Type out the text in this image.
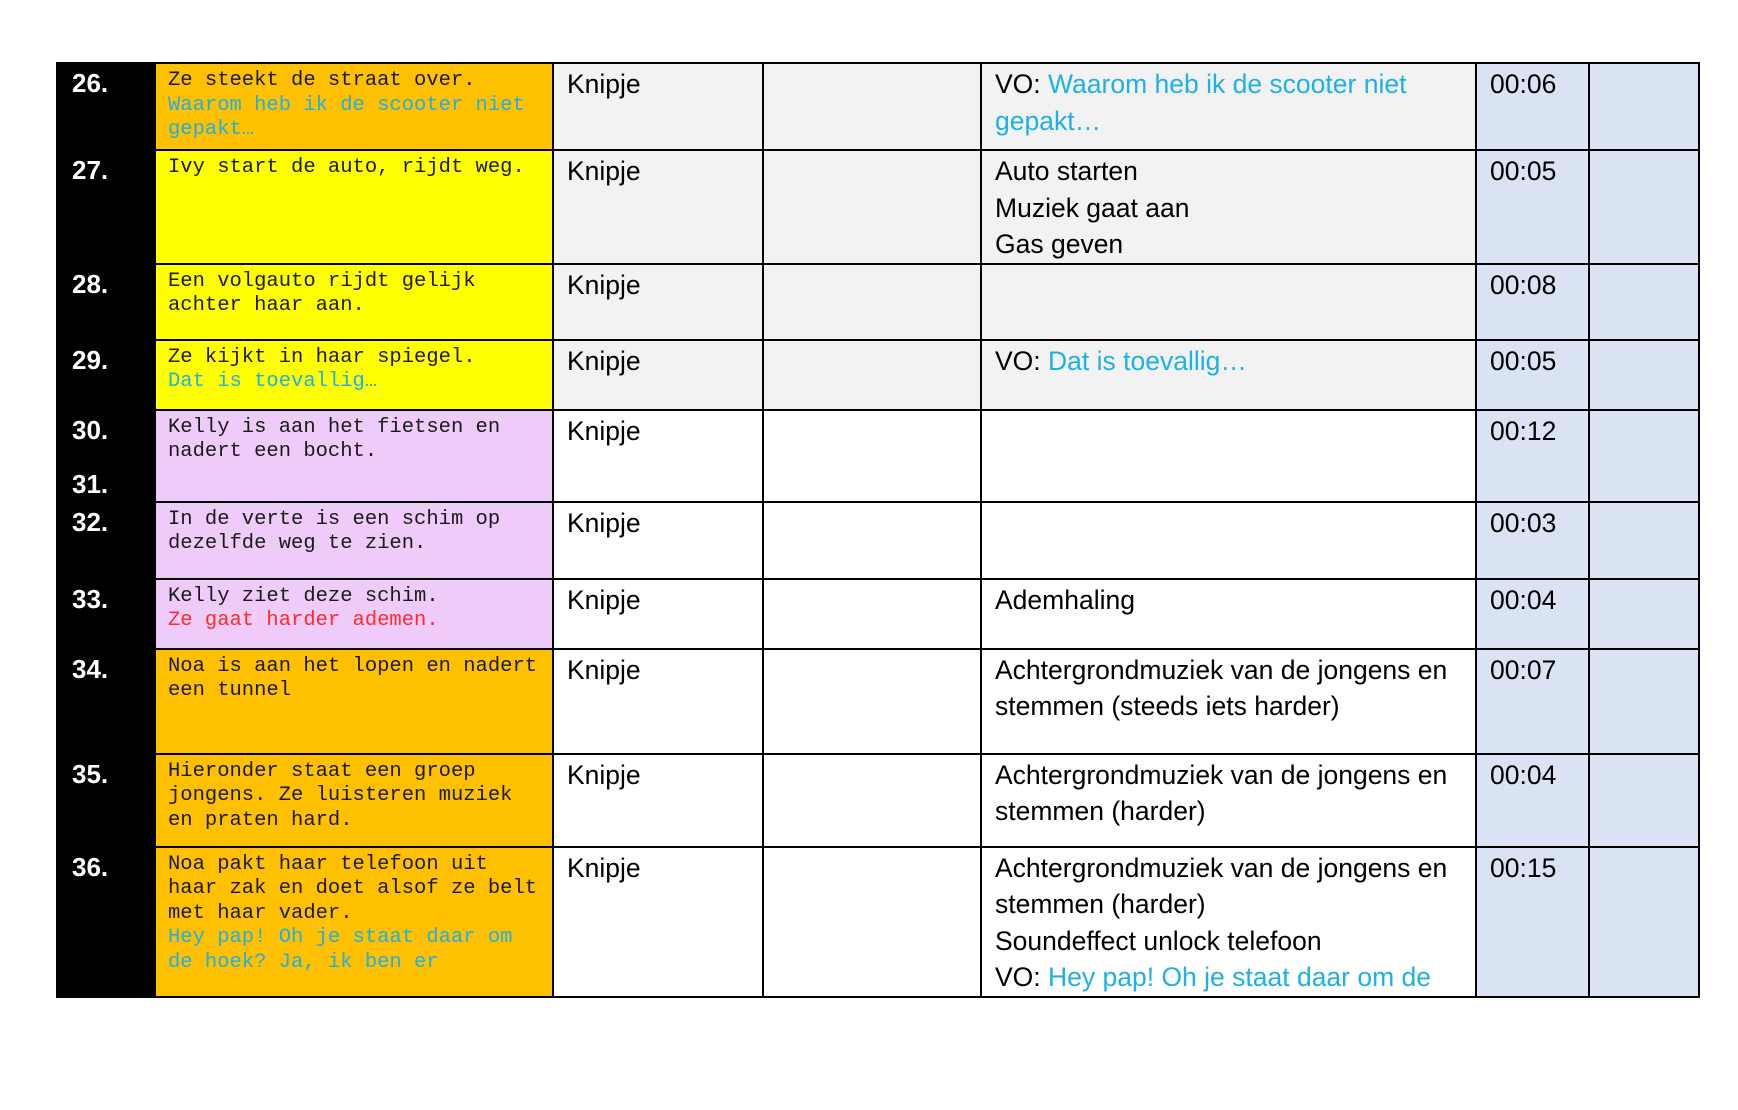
26.	Ze steekt de straat over.
Waarom heb ik de scooter niet gepakt…	Knipje		VO: Waarom heb ik de scooter niet gepakt…	00:06	

27.	Ivy start de auto, rijdt weg.	Knipje		Auto starten
Muziek gaat aan
Gas geven	00:05	

28.	Een volgauto rijdt gelijk achter haar aan.	Knipje			00:08	

29.	Ze kijkt in haar spiegel.
Dat is toevallig…	Knipje		VO: Dat is toevallig…	00:05	

30.
31.	Kelly is aan het fietsen en nadert een bocht.	Knipje			00:12	

32.	In de verte is een schim op dezelfde weg te zien.	Knipje			00:03	

33.	Kelly ziet deze schim.
Ze gaat harder ademen.	Knipje		Ademhaling	00:04	

34.	Noa is aan het lopen en nadert een tunnel	Knipje		Achtergrondmuziek van de jongens en stemmen (steeds iets harder)	00:07	

35.	Hieronder staat een groep jongens. Ze luisteren muziek en praten hard.	Knipje		Achtergrondmuziek van de jongens en stemmen (harder)	00:04	

36.	Noa pakt haar telefoon uit haar zak en doet alsof ze belt met haar vader.
Hey pap! Oh je staat daar om de hoek? Ja, ik ben er	Knipje		Achtergrondmuziek van de jongens en stemmen (harder)
Soundeffect unlock telefoon
VO: Hey pap! Oh je staat daar om de	00:15	
